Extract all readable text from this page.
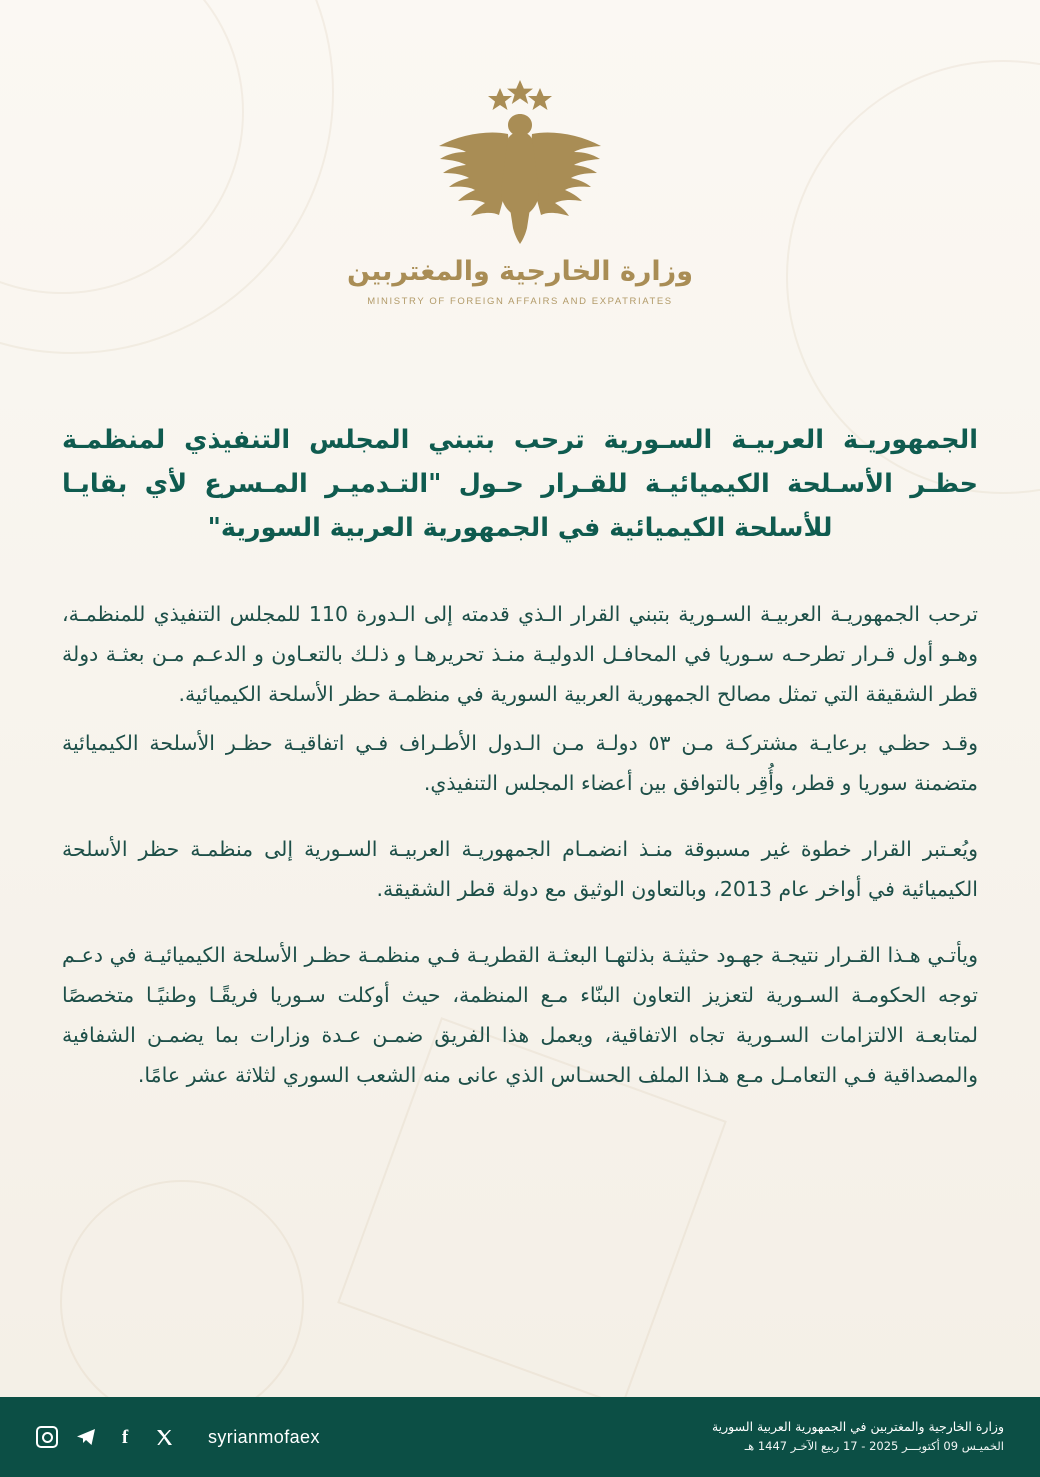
وزارة الخارجية والمغتربين
MINISTRY OF FOREIGN AFFAIRS AND EXPATRIATES
الجمهوريـة العربيـة السـورية ترحب بتبني المجلس التنفيذي لمنظمـة حظـر الأسـلحة الكيميائيـة للقـرار حـول "التـدميـر المـسرع لأي بقايـا للأسلحة الكيميائية في الجمهورية العربية السورية"

ترحب الجمهوريـة العربيـة السـورية بتبني القرار الـذي قدمته إلى الـدورة 110 للمجلس التنفيذي للمنظمـة، وهـو أول قـرار تطرحـه سـوريا في المحافـل الدوليـة منـذ تحريرهـا و ذلـك بالتعـاون و الدعـم مـن بعثـة دولة قطر الشقيقة التي تمثل مصالح الجمهورية العربية السورية في منظمـة حظر الأسلحة الكيميائية.

وقـد حظـي برعايـة مشتركـة مـن ٥٣ دولـة مـن الـدول الأطـراف فـي اتفاقيـة حظـر الأسلحة الكيميائية متضمنة سوريا و قطر، وأُقِر بالتوافق بين أعضاء المجلس التنفيذي.

ويُعـتبر القرار خطوة غير مسبوقة منـذ انضمـام الجمهوريـة العربيـة السـورية إلى منظمـة حظر الأسلحة الكيميائية في أواخر عام 2013، وبالتعاون الوثيق مع دولة قطر الشقيقة.

ويأتـي هـذا القـرار نتيجـة جهـود حثيثـة بذلتهـا البعثـة القطريـة فـي منظمـة حظـر الأسلحة الكيميائيـة في دعـم توجه الحكومـة السـورية لتعزيز التعاون البنّاء مـع المنظمة، حيث أوكلت سـوريا فريقًـا وطنيًـا متخصصًا لمتابعـة الالتزامات السـورية تجاه الاتفاقية، ويعمل هذا الفريق ضمـن عـدة وزارات بما يضمـن الشفافية والمصداقية فـي التعامـل مـع هـذا الملف الحسـاس الذي عانى منه الشعب السوري لثلاثة عشر عامًا.

f	syrianmofaex	وزارة الخارجية والمغتربين في الجمهورية العربية السورية
الخميـس 09 أكتوبـــر 2025 - 17 ربيع الآخـر 1447 هـ
